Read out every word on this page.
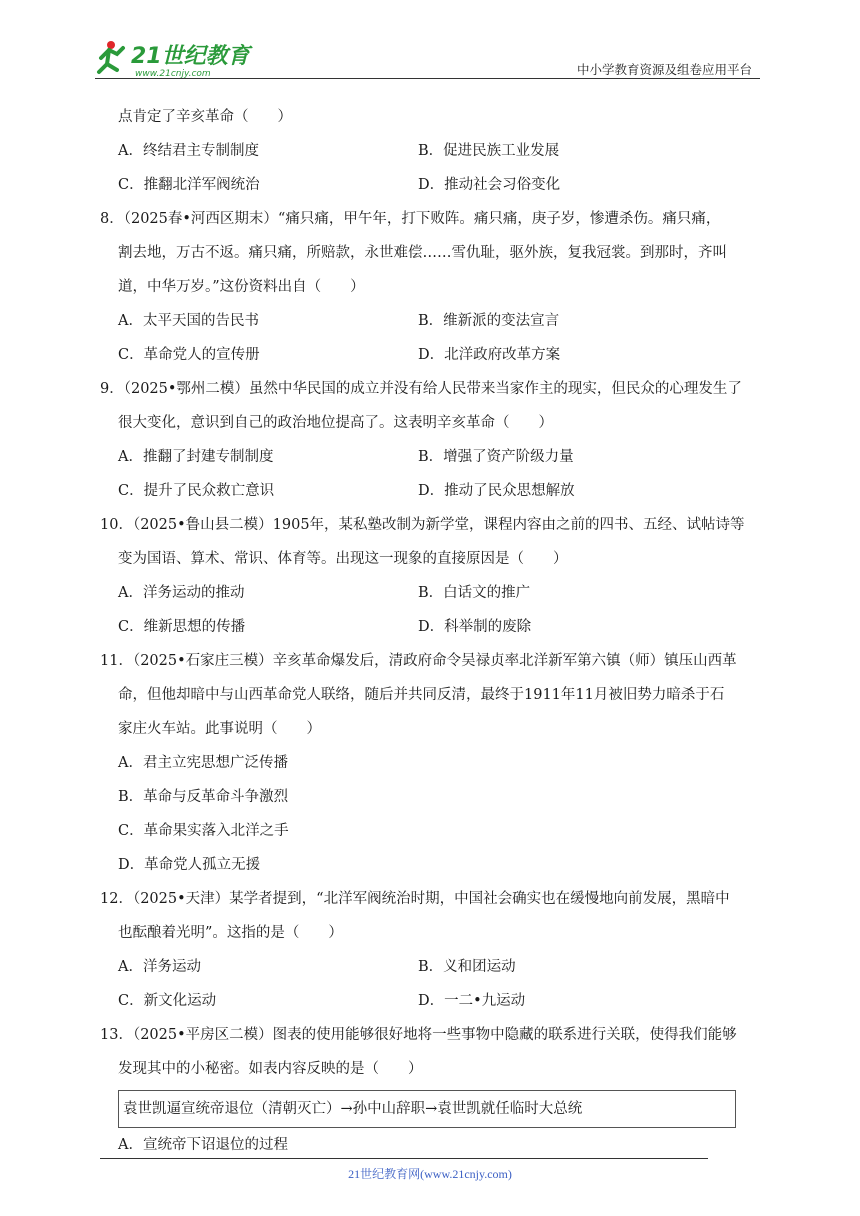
21世纪教育
www.21cnjy.com	中小学教育资源及组卷应用平台
点肯定了辛亥革命（　　）
A．终结君主专制制度	B．促进民族工业发展
C．推翻北洋军阀统治	D．推动社会习俗变化
8．（2025春•河西区期末）“痛只痛，甲午年，打下败阵。痛只痛，庚子岁，惨遭杀伤。痛只痛，
割去地，万古不返。痛只痛，所赔款，永世难偿……雪仇耻，驱外族，复我冠裳。到那时，齐叫
道，中华万岁。”这份资料出自（　　）
A．太平天国的告民书	B．维新派的变法宣言
C．革命党人的宣传册	D．北洋政府改革方案
9．（2025•鄂州二模）虽然中华民国的成立并没有给人民带来当家作主的现实，但民众的心理发生了
很大变化，意识到自己的政治地位提高了。这表明辛亥革命（　　）
A．推翻了封建专制制度	B．增强了资产阶级力量
C．提升了民众救亡意识	D．推动了民众思想解放
10．（2025•鲁山县二模）1905年，某私塾改制为新学堂，课程内容由之前的四书、五经、试帖诗等
变为国语、算术、常识、体育等。出现这一现象的直接原因是（　　）
A．洋务运动的推动	B．白话文的推广
C．维新思想的传播	D．科举制的废除
11．（2025•石家庄三模）辛亥革命爆发后，清政府命令吴禄贞率北洋新军第六镇（师）镇压山西革
命，但他却暗中与山西革命党人联络，随后并共同反清，最终于1911年11月被旧势力暗杀于石
家庄火车站。此事说明（　　）
A．君主立宪思想广泛传播
B．革命与反革命斗争激烈
C．革命果实落入北洋之手
D．革命党人孤立无援
12．（2025•天津）某学者提到，“北洋军阀统治时期，中国社会确实也在缓慢地向前发展，黑暗中
也酝酿着光明”。这指的是（　　）
A．洋务运动	B．义和团运动
C．新文化运动	D．一二•九运动
13．（2025•平房区二模）图表的使用能够很好地将一些事物中隐藏的联系进行关联，使得我们能够
发现其中的小秘密。如表内容反映的是（　　）
袁世凯逼宣统帝退位（清朝灭亡）→孙中山辞职→袁世凯就任临时大总统
A．宣统帝下诏退位的过程
21世纪教育网(www.21cnjy.com)
